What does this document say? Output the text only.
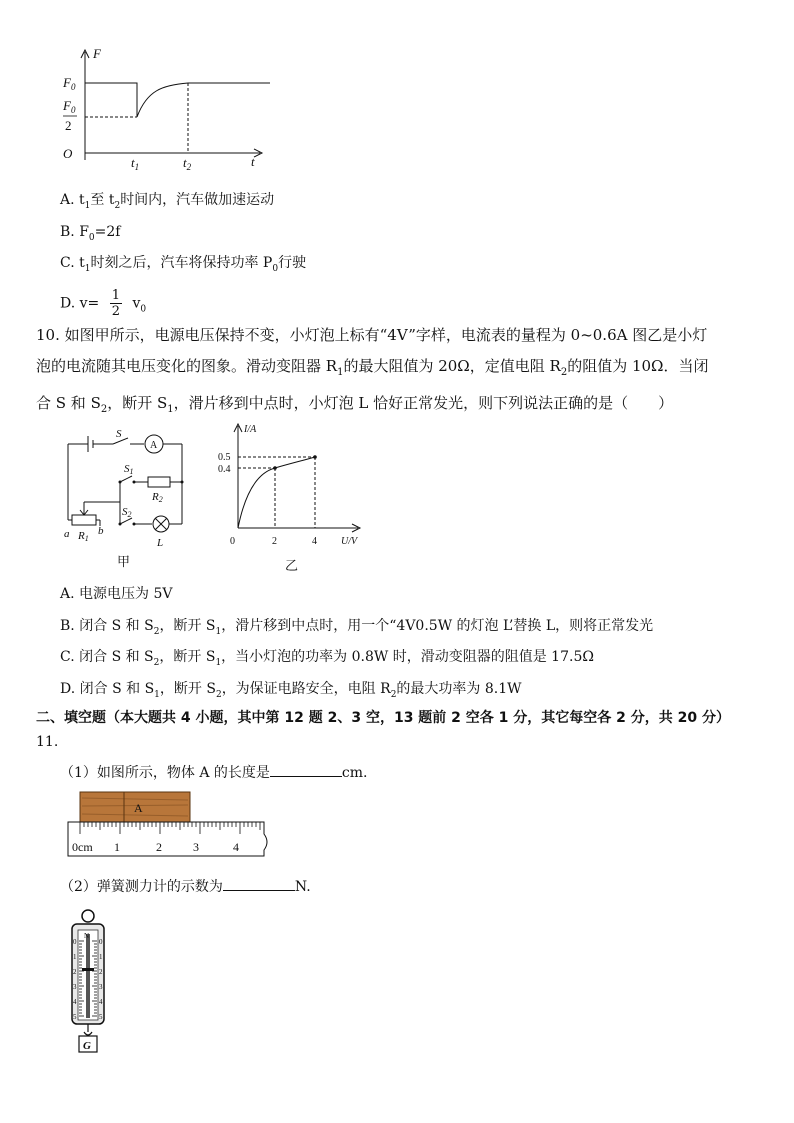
F
t
O
$F_0$
$F_0$
2
$t_1$	$t_2$
A. $t_1$至 $t_2$时间内，汽车做加速运动
B. $F_0=2f$
C. $t_1$时刻之后，汽车将保持功率 $P_0$行驶
D. $v= \frac{1}{2} v_0$
10. 如图甲所示，电源电压保持不变，小灯泡上标有“4V”字样，电流表的量程为 0~0.6A 图乙是小灯
泡的电流随其电压变化的图象。滑动变阻器 $R_1$的最大阻值为 20Ω，定值电阻 $R_2$的阻值为 10Ω．当闭
合 S 和 $S_2$，断开 $S_1$，滑片移到中点时，小灯泡 L 恰好正常发光，则下列说法正确的是（　　）
S
A
S1
R2
S2
L
a	b
R1
甲
I/A
U/V
0.5
0.4
0	2	4
乙
A. 电源电压为 5V
B. 闭合 S 和 $S_2$，断开 $S_1$，滑片移到中点时，用一个“4V0.5W 的灯泡 L’替换 L，则将正常发光
C. 闭合 S 和 $S_2$，断开 $S_1$，当小灯泡的功率为 0.8W 时，滑动变阻器的阻值是 17.5Ω
D. 闭合 S 和 $S_1$，断开 $S_2$，为保证电路安全，电阻 $R_2$的最大功率为 8.1W
二、填空题（本大题共 4 小题，其中第 12 题 2、3 空，13 题前 2 空各 1 分，其它每空各 2 分，共 20 分）
11.
（1）如图所示，物体 A 的长度是	cm.
A
0cm 1	2	3	4
（2）弹簧测力计的示数为	N.
N
0	0
1	1
2	2
3	3
4	4
5	5
G
